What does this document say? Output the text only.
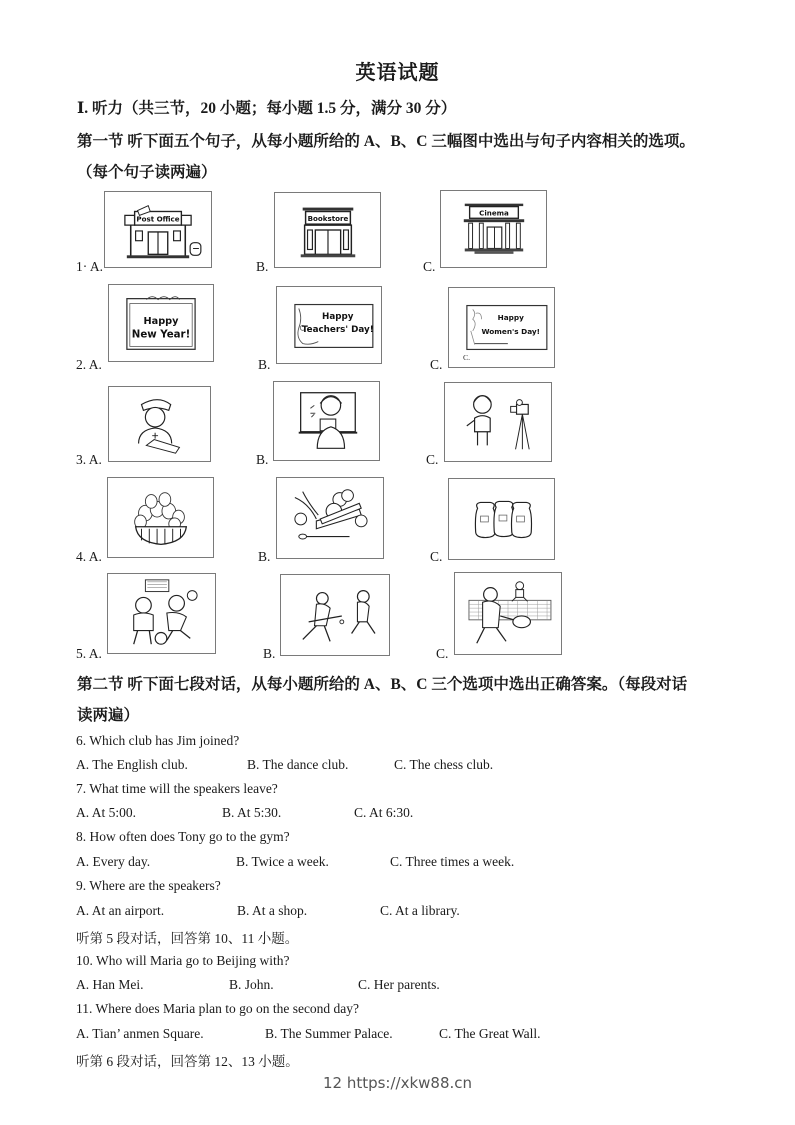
英语试题
Ⅰ. 听力（共三节，20 小题；每小题 1.5 分，满分 30 分）
第一节 听下面五个句子，从每小题所给的 A、B、C 三幅图中选出与句子内容相关的选项。
（每个句子读两遍）
1· A.
Post Office
B.
Bookstore
C.
Cinema
2. A.
Happy
New Year!
B.
Happy
Teachers' Day!
C.
Happy
Women's Day!
C.
3. A.	B.	C.
4. A.	B.	C.
5. A.	B.	C.
第二节 听下面七段对话，从每小题所给的 A、B、C 三个选项中选出正确答案。（每段对话
读两遍）
6. Which club has Jim joined?
A. The English club.	B. The dance club.	C. The chess club.
7. What time will the speakers leave?
A. At 5:00.	B. At 5:30.	C. At 6:30.
8. How often does Tony go to the gym?
A. Every day.	B. Twice a week.	C. Three times a week.
9. Where are the speakers?
A. At an airport.	B. At a shop.	C. At a library.
听第 5 段对话，回答第 10、11 小题。
10. Who will Maria go to Beijing with?
A. Han Mei.	B. John.	C. Her parents.
11. Where does Maria plan to go on the second day?
A. Tian’ anmen Square.	B. The Summer Palace.	C. The Great Wall.
听第 6 段对话，回答第 12、13 小题。
12 https://xkw88.cn
